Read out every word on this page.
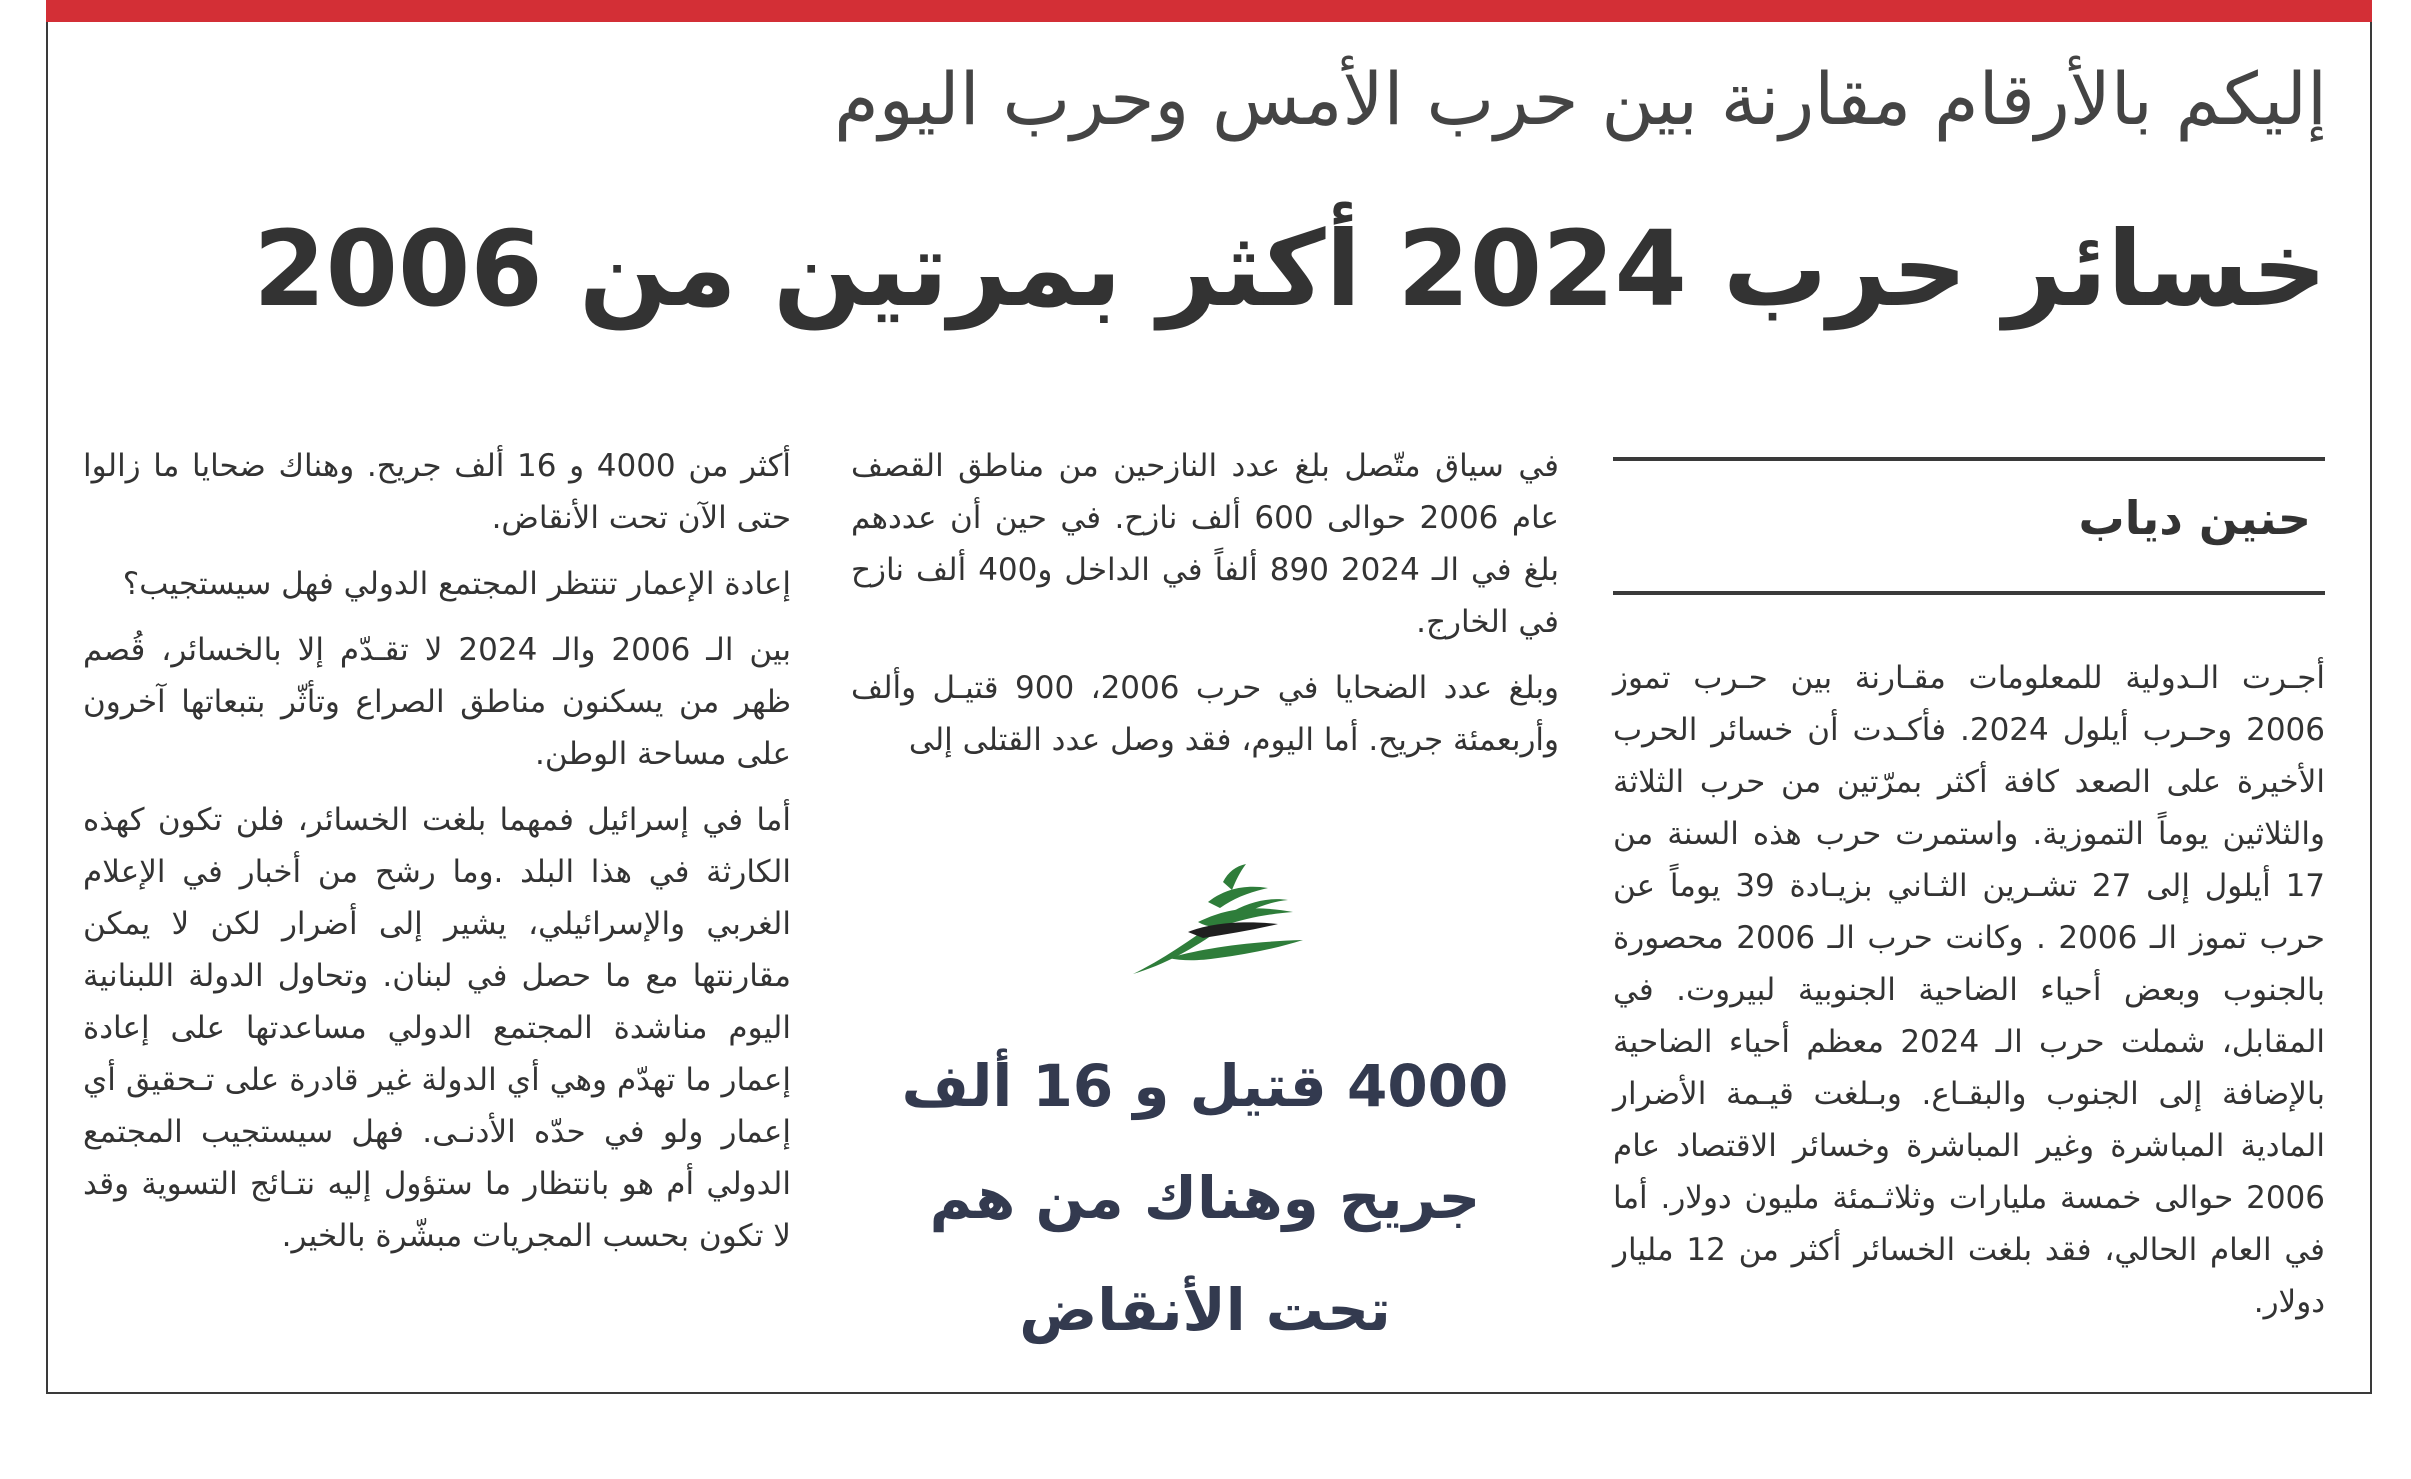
إليكم بالأرقام مقارنة بين حرب الأمس وحرب اليوم
خسائر حرب 2024 أكثر بمرتين من 2006
حنين دياب

أجـرت الـدولية للمعلومات مقـارنة بين حـرب تموز 2006 وحـرب أيلول 2024. فأكـدت أن خسائر الحرب الأخيرة على الصعد كافة أكثر بمرّتين من حرب الثلاثة والثلاثين يوماً التموزية. واستمرت حرب هذه السنة من 17 أيلول إلى 27 تشـرين الثـاني بزيـادة 39 يوماً عن حرب تموز الـ 2006 . وكانت حرب الـ 2006 محصورة بالجنوب وبعض أحياء الضاحية الجنوبية لبيروت. في المقابل، شملت حرب الـ 2024 معظم أحياء الضاحية بالإضافة إلى الجنوب والبقـاع. وبـلغت قيـمة الأضرار المادية المباشرة وغير المباشرة وخسائر الاقتصاد عام 2006 حوالى خمسة مليارات وثلاثـمئة مليون دولار. أما في العام الحالي، فقد بلغت الخسائر أكثر من 12 مليار دولار.

في سياق متّصل بلغ عدد النازحين من مناطق القصف عام 2006 حوالى 600 ألف نازح. في حين أن عددهم بلغ في الـ 2024 890 ألفاً في الداخل و400 ألف نازح في الخارج.

وبلغ عدد الضحايا في حرب 2006، 900 قتيـل وألف وأربعمئة جريح. أما اليوم، فقد وصل عدد القتلى إلى

أكثر من 4000 و 16 ألف جريح. وهناك ضحايا ما زالوا حتى الآن تحت الأنقاض.

إعادة الإعمار تنتظر المجتمع الدولي فهل سيستجيب؟

بين الـ 2006 والـ 2024 لا تقـدّم إلا بالخسائر، قُصم ظهر من يسكنون مناطق الصراع وتأثّر بتبعاتها آخرون على مساحة الوطن.

أما في إسرائيل فمهما بلغت الخسائر، فلن تكون كهذه الكارثة في هذا البلد .وما رشح من أخبار في الإعلام الغربي والإسرائيلي، يشير إلى أضرار لكن لا يمكن مقارنتها مع ما حصل في لبنان. وتحاول الدولة اللبنانية اليوم مناشدة المجتمع الدولي مساعدتها على إعادة إعمار ما تهدّم وهي أي الدولة غير قادرة على تـحقيق أي إعمار ولو في حدّه الأدنـى. فهل سيستجيب المجتمع الدولي أم هو بانتظار ما ستؤول إليه نتـائج التسوية وقد لا تكون بحسب المجريات مبشّرة بالخير.

4000 قتيل و 16 ألف
جريح وهناك من هم
تحت الأنقاض
